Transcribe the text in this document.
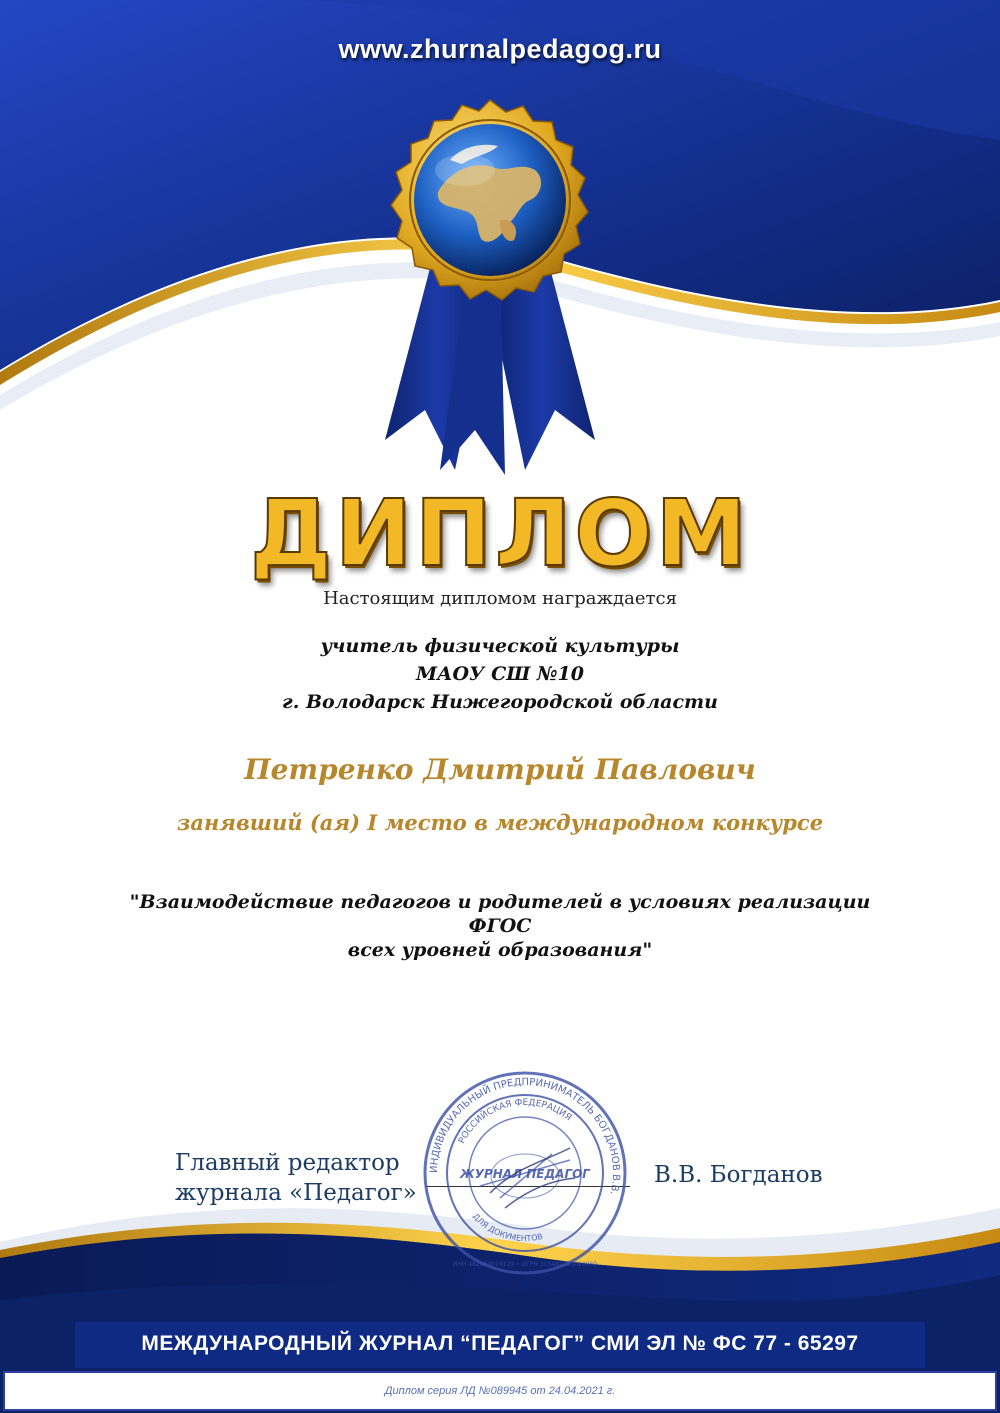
www.zhurnalpedagog.ru
ДИПЛОМ
Настоящим дипломом награждается
учитель физической культуры
МАОУ СШ №10
г. Володарск Нижегородской области
Петренко Дмитрий Павлович
занявший (ая) I место в международном конкурсе
"Взаимодействие педагогов и родителей в условиях реализации ФГОС
всех уровней образования"
Главный редактор
журнала «Педагог»
ИНДИВИДУАЛЬНЫЙ ПРЕДПРИНИМАТЕЛЬ БОГДАНОВ В.В.
РОССИЙСКАЯ ФЕДЕРАЦИЯ
ДЛЯ ДОКУМЕНТОВ
ЖУРНАЛ ПЕДАГОГ
ИНН 482600019129 • ОГРН 315482700020060
В.В. Богданов
МЕЖДУНАРОДНЫЙ ЖУРНАЛ “ПЕДАГОГ” СМИ ЭЛ № ФС 77 - 65297
Диплом серия ЛД №089945 от 24.04.2021 г.
